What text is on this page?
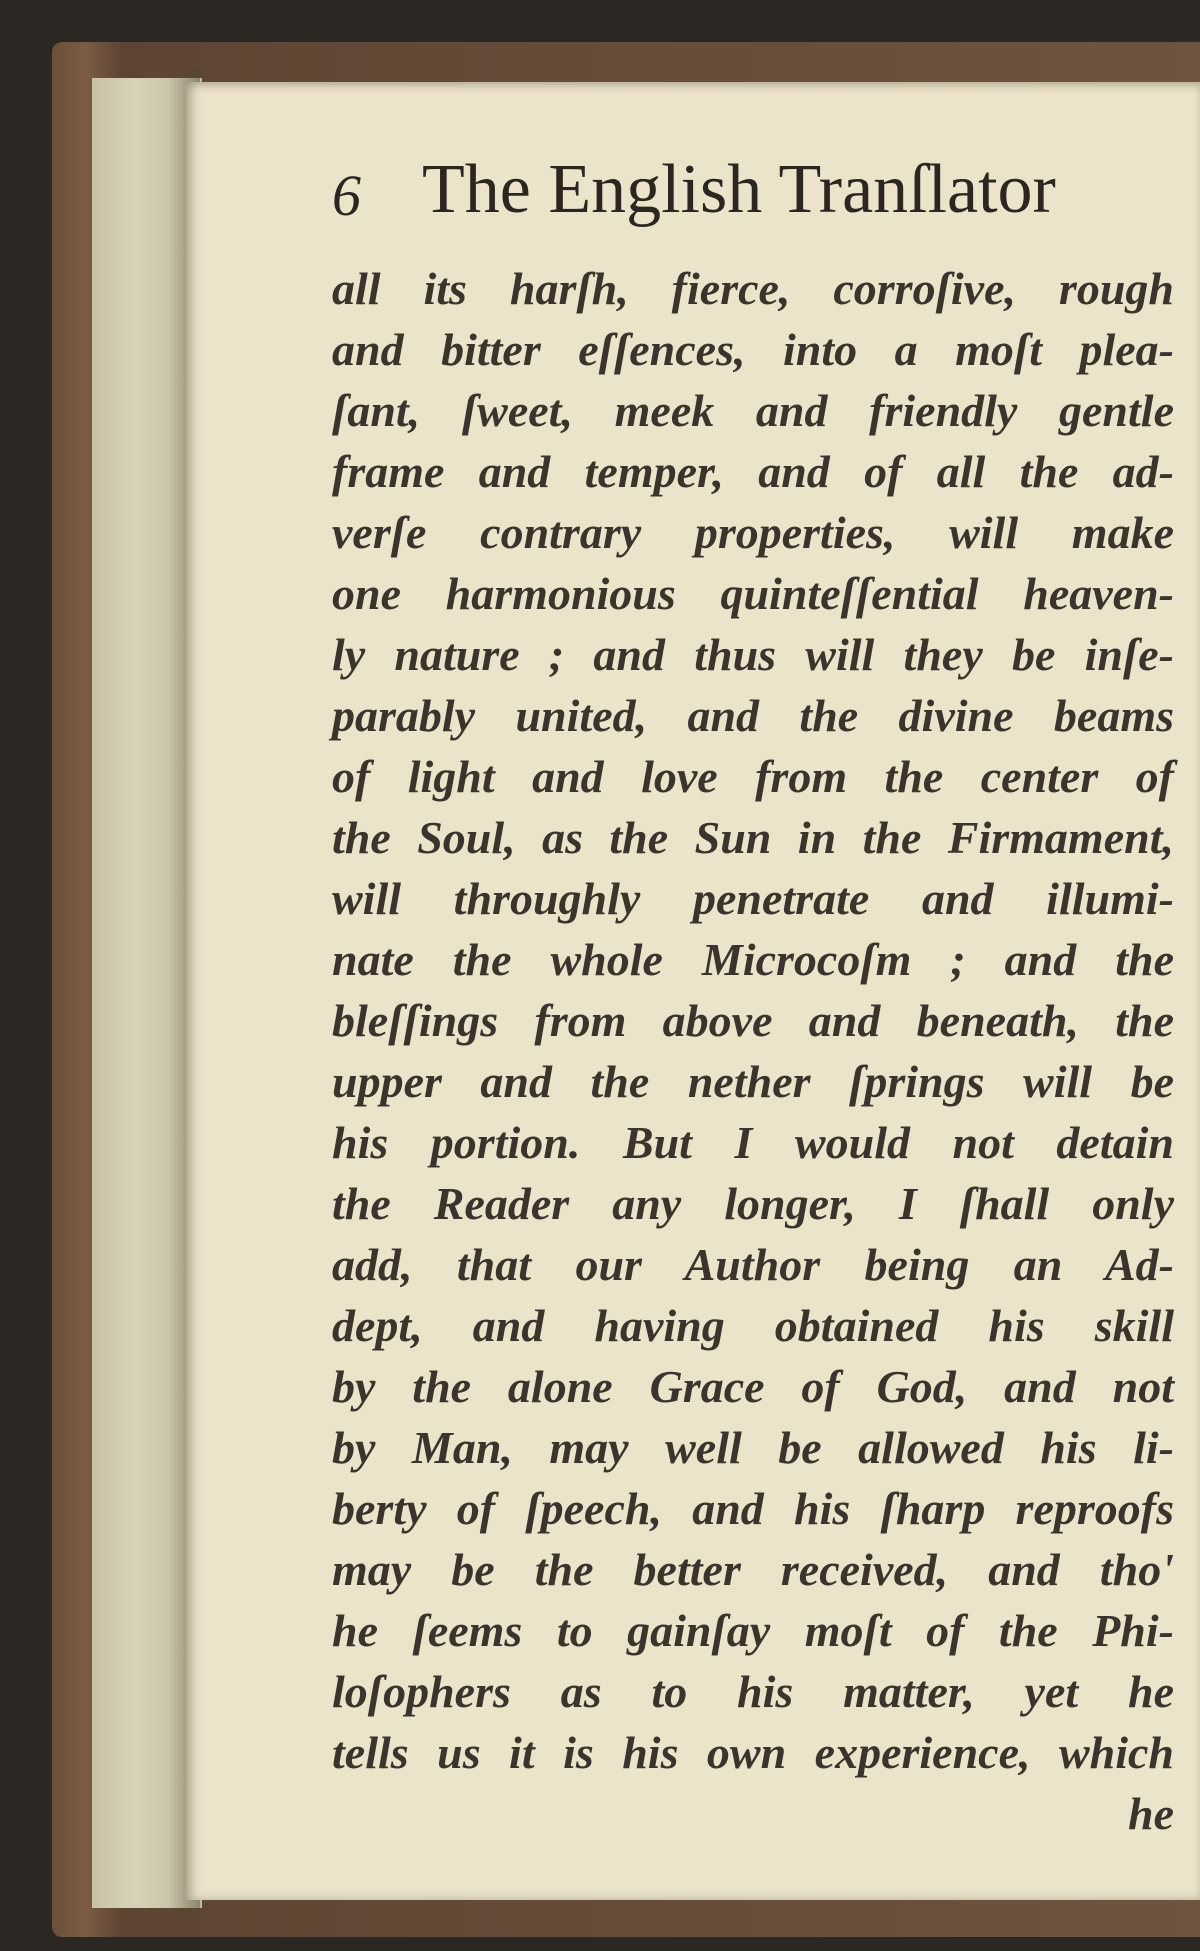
6 The English Tranſlator
all its harſh, fierce, corroſive, rough
and bitter eſſences, into a moſt plea-
ſant, ſweet, meek and friendly gentle
frame and temper, and of all the ad-
verſe contrary properties, will make
one harmonious quinteſſential heaven-
ly nature ; and thus will they be inſe-
parably united, and the divine beams
of light and love from the center of
the Soul, as the Sun in the Firmament,
will throughly penetrate and illumi-
nate the whole Microcoſm ; and the
bleſſings from above and beneath, the
upper and the nether ſprings will be
his portion. But I would not detain
the Reader any longer, I ſhall only
add, that our Author being an Ad-
dept, and having obtained his skill
by the alone Grace of God, and not
by Man, may well be allowed his li-
berty of ſpeech, and his ſharp reproofs
may be the better received, and tho'
he ſeems to gainſay moſt of the Phi-
loſophers as to his matter, yet he
tells us it is his own experience, which
he
